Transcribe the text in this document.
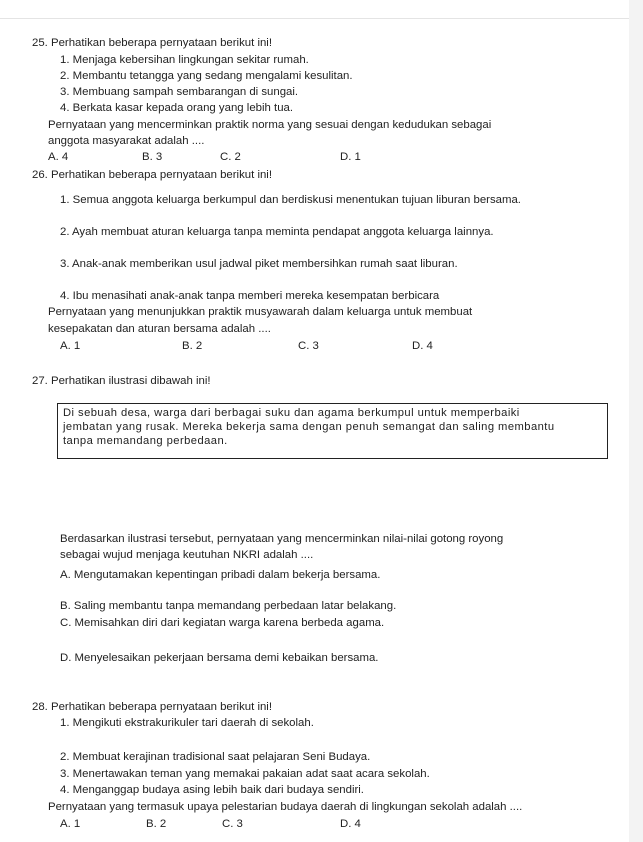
25. Perhatikan beberapa pernyataan berikut ini!
1. Menjaga kebersihan lingkungan sekitar rumah.
2. Membantu tetangga yang sedang mengalami kesulitan.
3. Membuang sampah sembarangan di sungai.
4. Berkata kasar kepada orang yang lebih tua.
Pernyataan yang mencerminkan praktik norma yang sesuai dengan kedudukan sebagai
anggota masyarakat adalah ....
A. 4	B. 3	C. 2	D. 1
26. Perhatikan beberapa pernyataan berikut ini!
1. Semua anggota keluarga berkumpul dan berdiskusi menentukan tujuan liburan bersama.
2. Ayah membuat aturan keluarga tanpa meminta pendapat anggota keluarga lainnya.
3. Anak-anak memberikan usul jadwal piket membersihkan rumah saat liburan.
4. Ibu menasihati anak-anak tanpa memberi mereka kesempatan berbicara
Pernyataan yang menunjukkan praktik musyawarah dalam keluarga untuk membuat
kesepakatan dan aturan bersama adalah ....
A. 1	B. 2	C. 3	D. 4
27. Perhatikan ilustrasi dibawah ini!
Di sebuah desa, warga dari berbagai suku dan agama berkumpul untuk memperbaiki
jembatan yang rusak. Mereka bekerja sama dengan penuh semangat dan saling membantu
tanpa memandang perbedaan.
Berdasarkan ilustrasi tersebut, pernyataan yang mencerminkan nilai-nilai gotong royong
sebagai wujud menjaga keutuhan NKRI adalah ....
A. Mengutamakan kepentingan pribadi dalam bekerja bersama.
B. Saling membantu tanpa memandang perbedaan latar belakang.
C. Memisahkan diri dari kegiatan warga karena berbeda agama.
D. Menyelesaikan pekerjaan bersama demi kebaikan bersama.
28. Perhatikan beberapa pernyataan berikut ini!
1. Mengikuti ekstrakurikuler tari daerah di sekolah.
2. Membuat kerajinan tradisional saat pelajaran Seni Budaya.
3. Menertawakan teman yang memakai pakaian adat saat acara sekolah.
4. Menganggap budaya asing lebih baik dari budaya sendiri.
Pernyataan yang termasuk upaya pelestarian budaya daerah di lingkungan sekolah adalah ....
A. 1	B. 2	C. 3	D. 4
